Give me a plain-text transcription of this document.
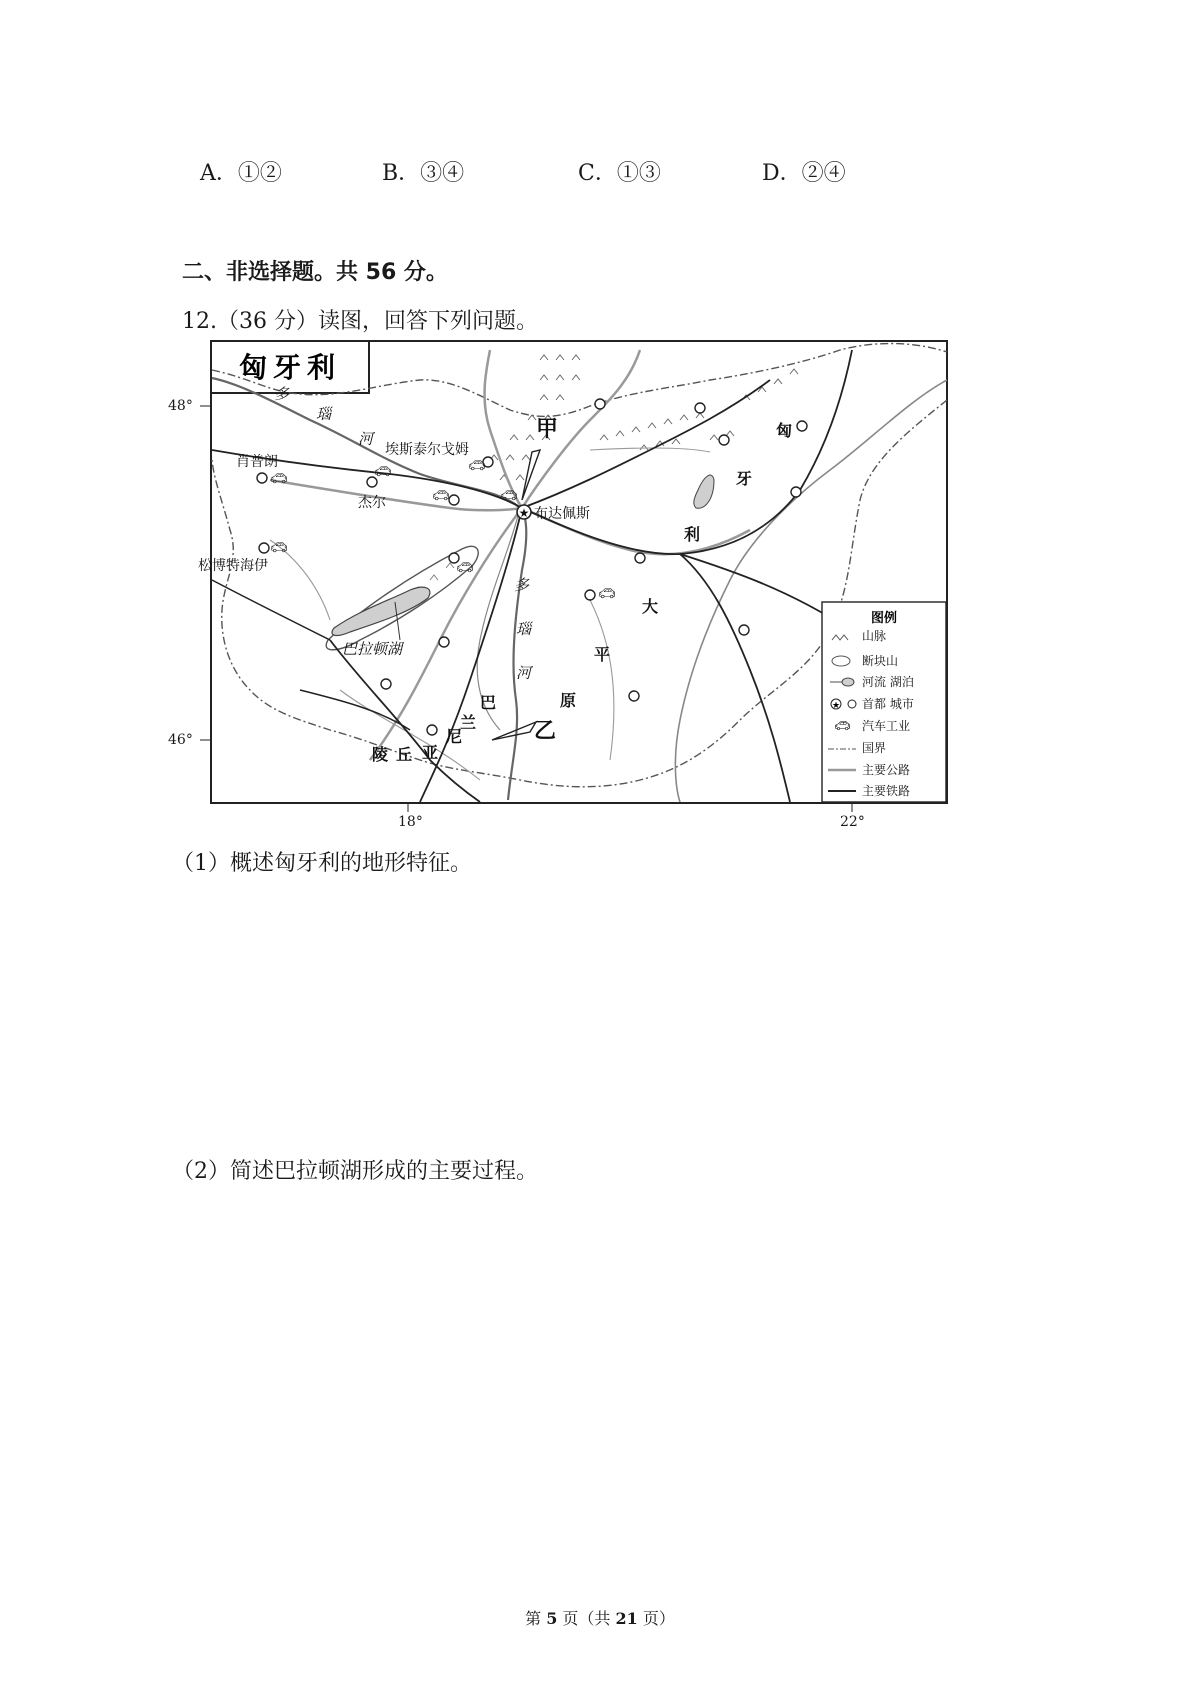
A．①②	B．③④	C．①③	D．②④
二、非选择题。共 56 分。
12.（36 分）读图，回答下列问题。
匈牙利
★
🚗︎	🚗︎
🚗︎
🚗︎
🚗︎
🚗︎
🚗︎
🚗︎
多
瑙
河
埃斯泰尔戈姆
甲
肖普朗
杰尔
布达佩斯
松博特海伊
巴拉顿湖
多
瑙
河
乙
大
平
原
匈
牙
利
巴
兰
尼
亚
陵 丘
图例
★
🚗︎
山脉
断块山
河流 湖泊
首都 城市
汽车工业
国界
主要公路
主要铁路
48°
46°
18°	22°
（1）概述匈牙利的地形特征。
（2）简述巴拉顿湖形成的主要过程。
第 5 页（共 21 页）
